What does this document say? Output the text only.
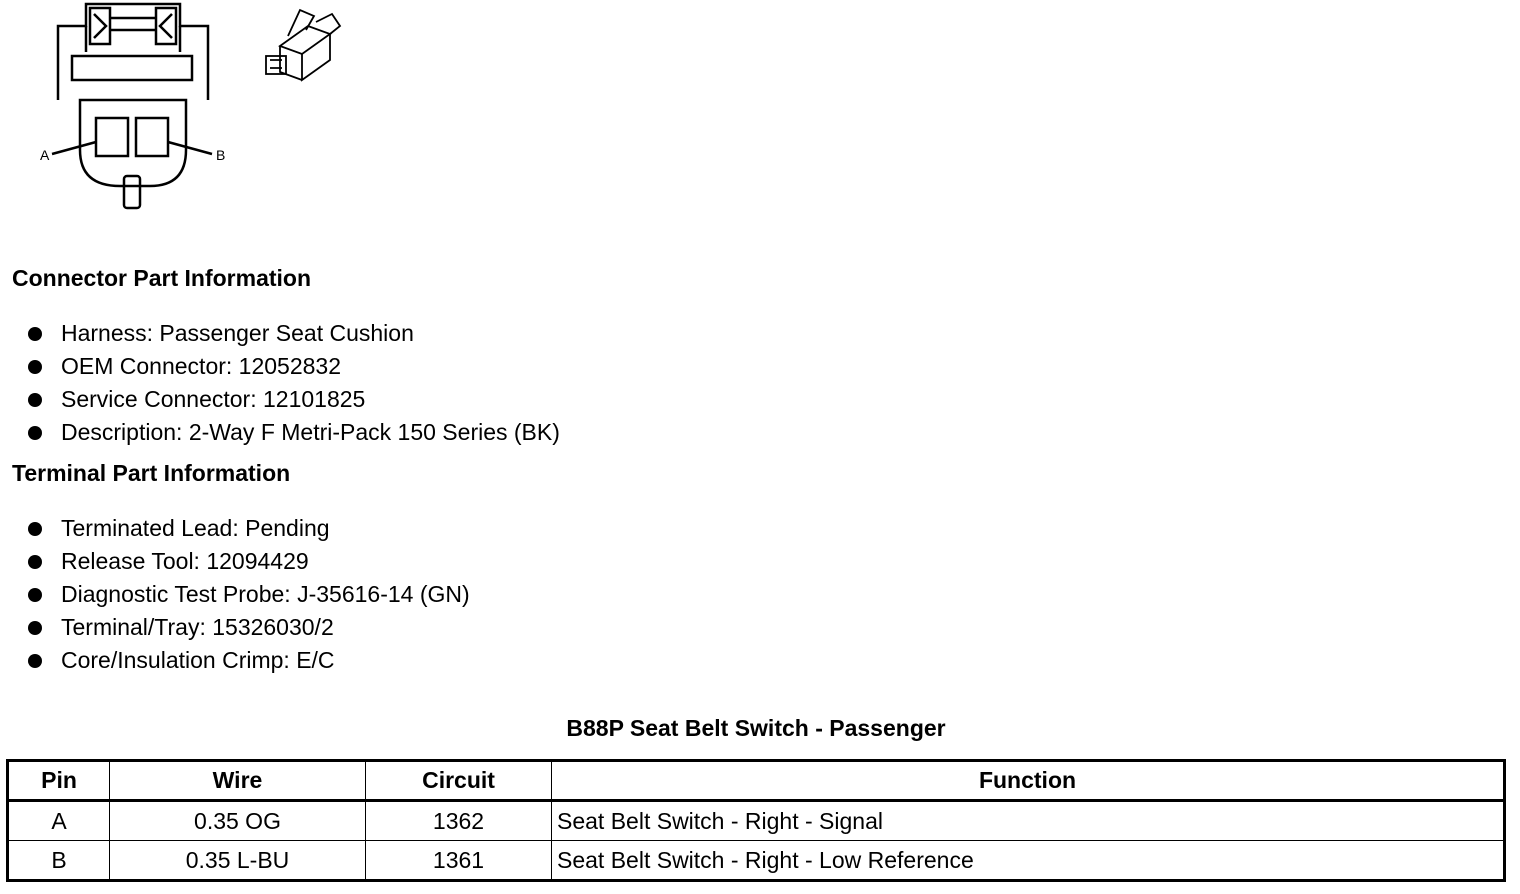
A	B
Connector Part Information
Harness: Passenger Seat Cushion
OEM Connector: 12052832
Service Connector: 12101825
Description: 2-Way F Metri-Pack 150 Series (BK)
Terminal Part Information
Terminated Lead: Pending
Release Tool: 12094429
Diagnostic Test Probe: J-35616-14 (GN)
Terminal/Tray: 15326030/2
Core/Insulation Crimp: E/C
B88P Seat Belt Switch - Passenger
Pin	Wire	Circuit	Function
A	0.35 OG	1362	Seat Belt Switch - Right - Signal
B	0.35 L-BU	1361	Seat Belt Switch - Right - Low Reference
